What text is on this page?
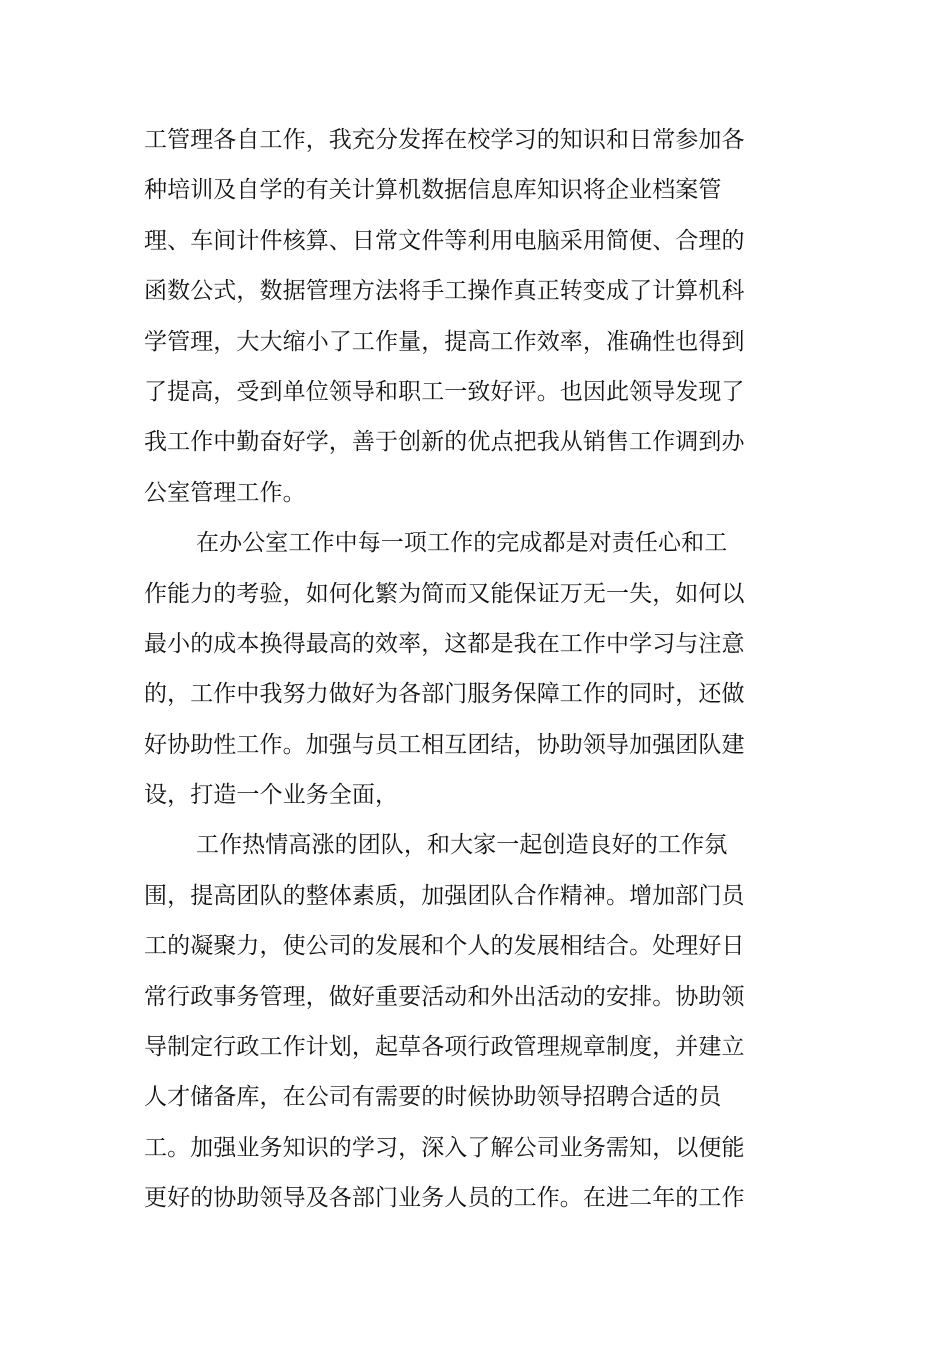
工管理各自工作，我充分发挥在校学习的知识和日常参加各
种培训及自学的有关计算机数据信息库知识将企业档案管
理、车间计件核算、日常文件等利用电脑采用简便、合理的
函数公式，数据管理方法将手工操作真正转变成了计算机科
学管理，大大缩小了工作量，提高工作效率，准确性也得到
了提高，受到单位领导和职工一致好评。也因此领导发现了
我工作中勤奋好学，善于创新的优点把我从销售工作调到办
公室管理工作。
在办公室工作中每一项工作的完成都是对责任心和工
作能力的考验，如何化繁为简而又能保证万无一失，如何以
最小的成本换得最高的效率，这都是我在工作中学习与注意
的，工作中我努力做好为各部门服务保障工作的同时，还做
好协助性工作。加强与员工相互团结，协助领导加强团队建
设，打造一个业务全面，
工作热情高涨的团队，和大家一起创造良好的工作氛
围，提高团队的整体素质，加强团队合作精神。增加部门员
工的凝聚力，使公司的发展和个人的发展相结合。处理好日
常行政事务管理，做好重要活动和外出活动的安排。协助领
导制定行政工作计划，起草各项行政管理规章制度，并建立
人才储备库，在公司有需要的时候协助领导招聘合适的员
工。加强业务知识的学习，深入了解公司业务需知，以便能
更好的协助领导及各部门业务人员的工作。在进二年的工作
